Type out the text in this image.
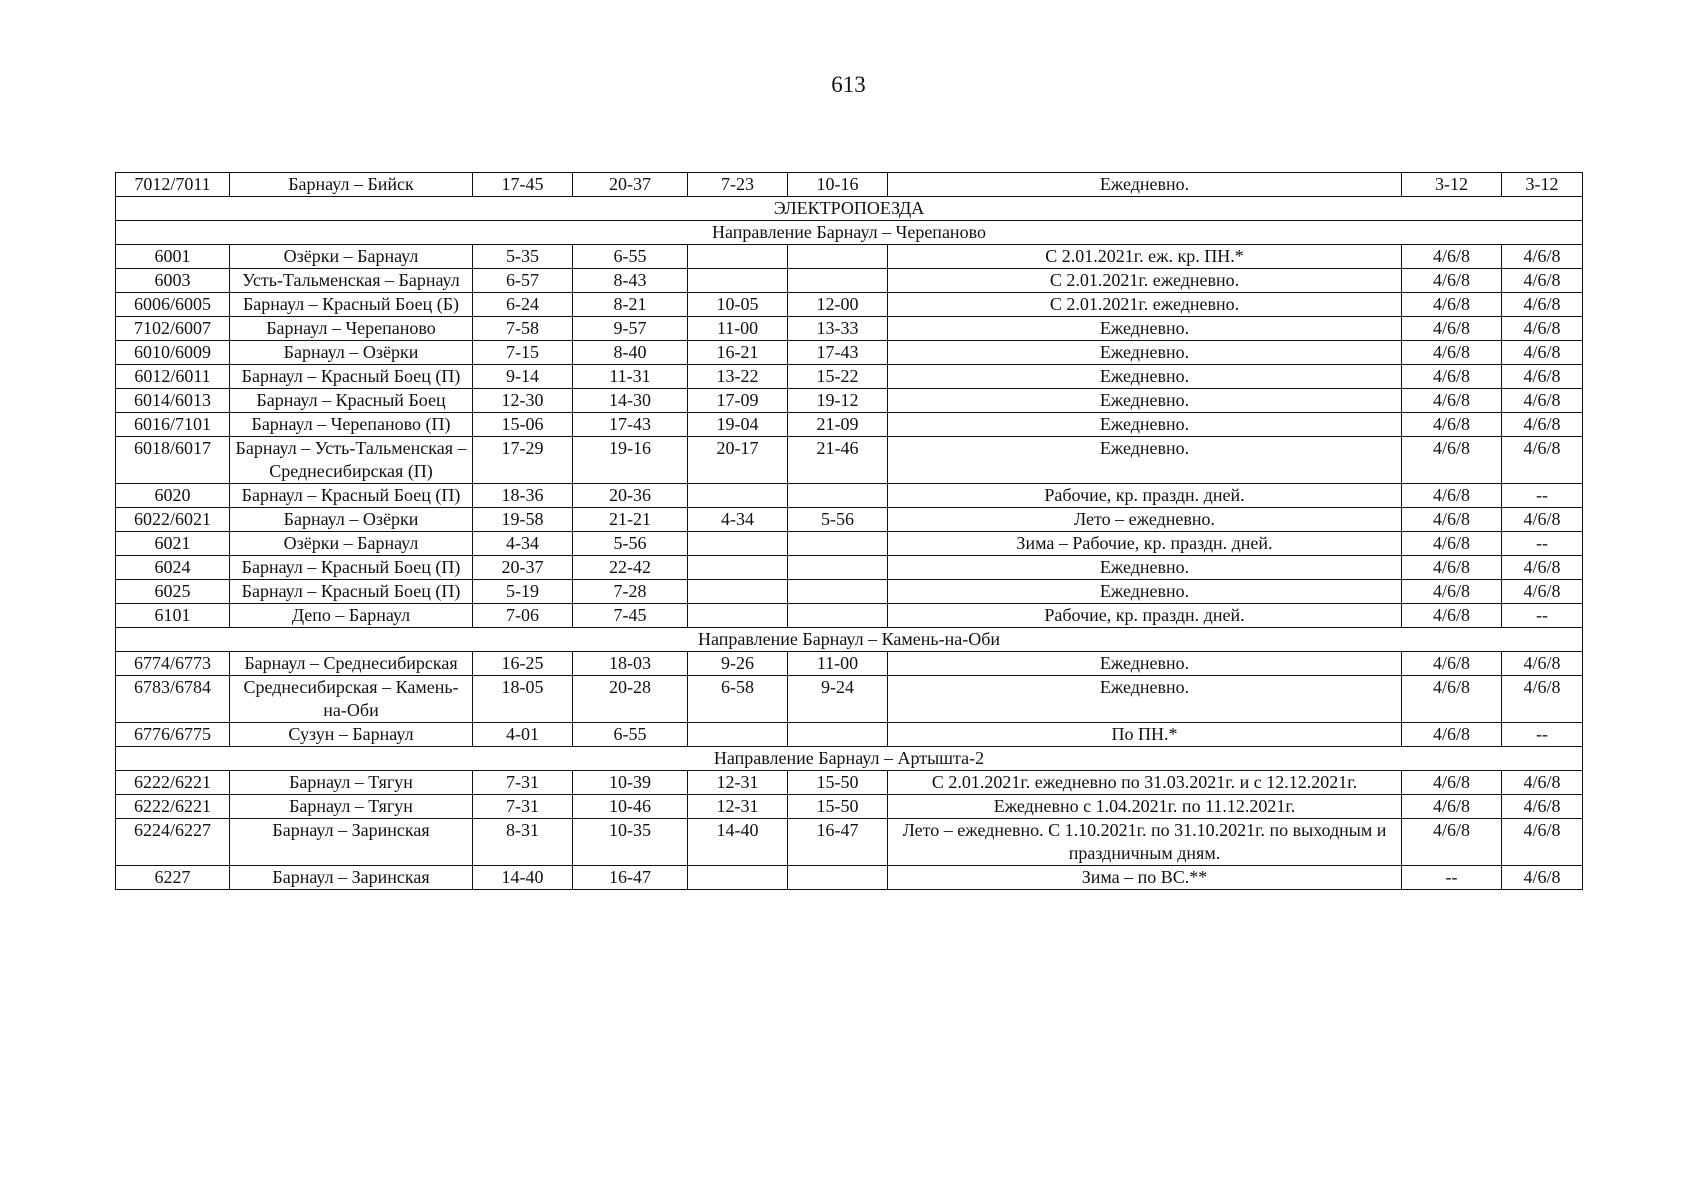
613
7012/7011	Барнаул – Бийск	17-45	20-37	7-23	10-16	Ежедневно.	3-12	3-12
ЭЛЕКТРОПОЕЗДА								
Направление Барнаул – Черепаново								
6001	Озёрки – Барнаул	5-35	6-55			С 2.01.2021г. еж. кр. ПН.*	4/6/8	4/6/8
6003	Усть-Тальменская – Барнаул	6-57	8-43			С 2.01.2021г. ежедневно.	4/6/8	4/6/8
6006/6005	Барнаул – Красный Боец (Б)	6-24	8-21	10-05	12-00	С 2.01.2021г. ежедневно.	4/6/8	4/6/8
7102/6007	Барнаул – Черепаново	7-58	9-57	11-00	13-33	Ежедневно.	4/6/8	4/6/8
6010/6009	Барнаул – Озёрки	7-15	8-40	16-21	17-43	Ежедневно.	4/6/8	4/6/8
6012/6011	Барнаул – Красный Боец (П)	9-14	11-31	13-22	15-22	Ежедневно.	4/6/8	4/6/8
6014/6013	Барнаул – Красный Боец	12-30	14-30	17-09	19-12	Ежедневно.	4/6/8	4/6/8
6016/7101	Барнаул – Черепаново (П)	15-06	17-43	19-04	21-09	Ежедневно.	4/6/8	4/6/8
6018/6017	Барнаул – Усть-Тальменская – Среднесибирская (П)	17-29	19-16	20-17	21-46	Ежедневно.	4/6/8	4/6/8
6020	Барнаул – Красный Боец (П)	18-36	20-36			Рабочие, кр. праздн. дней.	4/6/8	--
6022/6021	Барнаул – Озёрки	19-58	21-21	4-34	5-56	Лето – ежедневно.	4/6/8	4/6/8
6021	Озёрки – Барнаул	4-34	5-56			Зима – Рабочие, кр. праздн. дней.	4/6/8	--
6024	Барнаул – Красный Боец (П)	20-37	22-42			Ежедневно.	4/6/8	4/6/8
6025	Барнаул – Красный Боец (П)	5-19	7-28			Ежедневно.	4/6/8	4/6/8
6101	Депо – Барнаул	7-06	7-45			Рабочие, кр. праздн. дней.	4/6/8	--
Направление Барнаул – Камень-на-Оби								
6774/6773	Барнаул – Среднесибирская	16-25	18-03	9-26	11-00	Ежедневно.	4/6/8	4/6/8
6783/6784	Среднесибирская – Камень-на-Оби	18-05	20-28	6-58	9-24	Ежедневно.	4/6/8	4/6/8
6776/6775	Сузун – Барнаул	4-01	6-55			По ПН.*	4/6/8	--
Направление Барнаул – Артышта-2								
6222/6221	Барнаул – Тягун	7-31	10-39	12-31	15-50	С 2.01.2021г. ежедневно по 31.03.2021г. и с 12.12.2021г.	4/6/8	4/6/8
6222/6221	Барнаул – Тягун	7-31	10-46	12-31	15-50	Ежедневно с 1.04.2021г. по 11.12.2021г.	4/6/8	4/6/8
6224/6227	Барнаул – Заринская	8-31	10-35	14-40	16-47	Лето – ежедневно. С 1.10.2021г. по 31.10.2021г. по выходным и праздничным дням.	4/6/8	4/6/8
6227	Барнаул – Заринская	14-40	16-47			Зима – по ВС.**	--	4/6/8
